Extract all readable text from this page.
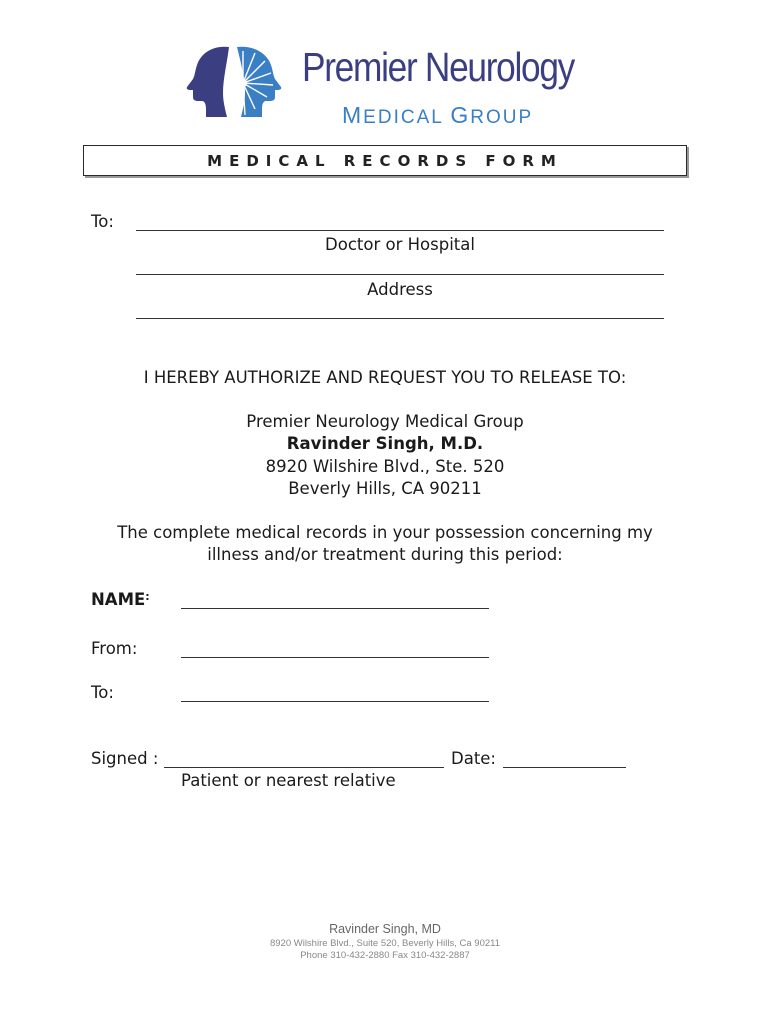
Premier Neurology
MEDICAL GROUP
MEDICAL RECORDS FORM
To:
Doctor or Hospital
Address
I HEREBY AUTHORIZE AND REQUEST YOU TO RELEASE TO:
Premier Neurology Medical Group
Ravinder Singh, M.D.
8920 Wilshire Blvd., Ste. 520
Beverly Hills, CA 90211
The complete medical records in your possession concerning my
illness and/or treatment during this period:
NAME:
From:
To:
Signed :	Date:
Patient or nearest relative
Ravinder Singh, MD
8920 Wilshire Blvd., Suite 520, Beverly Hills, Ca 90211
Phone 310-432-2880 Fax 310-432-2887
